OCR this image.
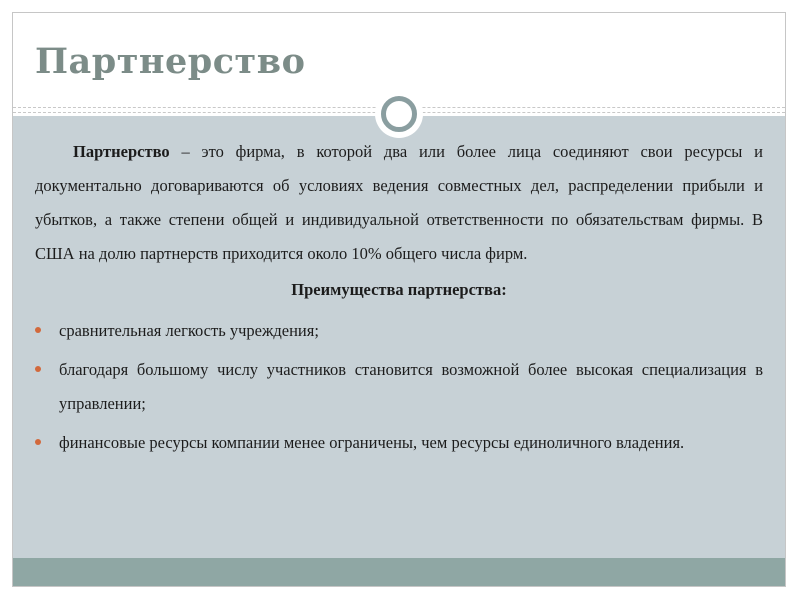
Партнерство

Партнерство – это фирма, в которой два или более лица соединяют свои ресурсы и документально договариваются об условиях ведения совместных дел, распределении прибыли и убытков, а также степени общей и индивидуальной ответственности по обязательствам фирмы. В США на долю партнерств приходится около 10% общего числа фирм.

Преимущества партнерства:

сравнительная легкость учреждения;
благодаря большому числу участников становится возможной более высокая специализация в управлении;
финансовые ресурсы компании менее ограничены, чем ресурсы единоличного владения.
